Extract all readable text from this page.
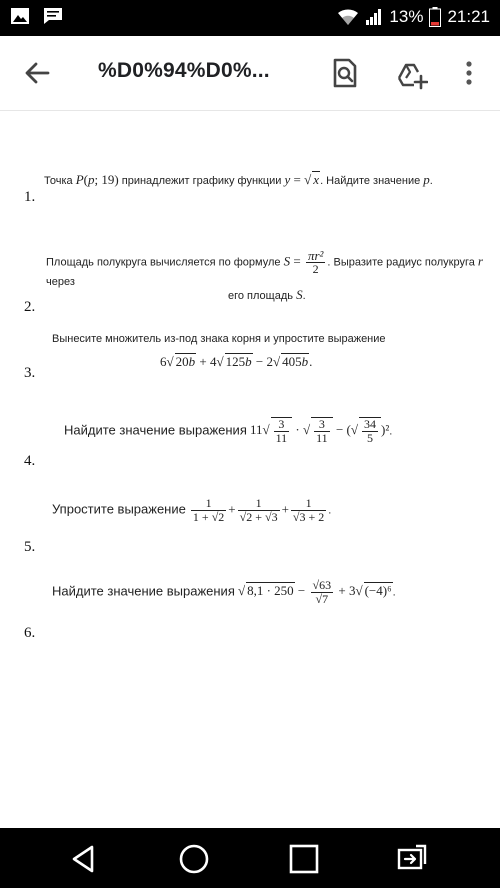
13% 21:21
%D0%94%D0%...
Точка P(p; 19) принадлежит графику функции y = √ x. Найдите значение p.
1.
Площадь полукруга вычисляется по формуле $S = \frac{\text{πr²}}{2}$ . Выразите радиус полукруга r через
его площадь S.
2.
Вынесите множитель из-под знака корня и упростите выражение
6√ 20b + 4√ 125b − 2√ 405b.
3.
Найдите значение выражения $11√ \frac{3}{11}$ · √ $\frac{3}{11}$ − (√ $\frac{34}{5} )^2$.
4.
Упростите выражение $\frac{1}{1 + √2} + \frac{1}{√2 + √3} + \frac{1}{√3 + 2}$ .
5.
Найдите значение выражения √ $8,1 \cdot 250 - \frac{√63}{√7} + 3√$ (−4)⁶.
6.
